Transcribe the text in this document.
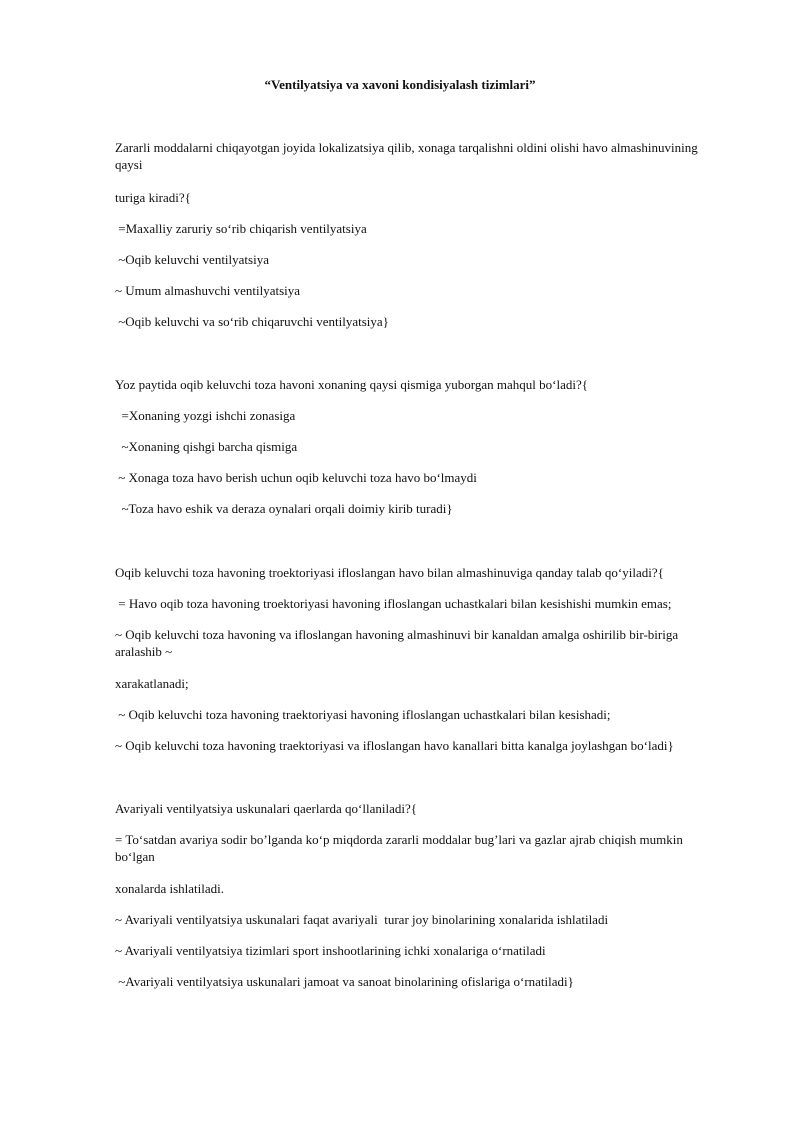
“Ventilyatsiya va xavoni kondisiyalash tizimlari”
Zararli moddalarni chiqayotgan joyida lokalizatsiya qilib, xonaga tarqalishni oldini olishi havo almashinuvining qaysi
turiga kiradi?{
=Maxalliy zaruriy so‘rib chiqarish ventilyatsiya
~Oqib keluvchi ventilyatsiya
~ Umum almashuvchi ventilyatsiya
~Oqib keluvchi va so‘rib chiqaruvchi ventilyatsiya}
Yoz paytida oqib keluvchi toza havoni xonaning qaysi qismiga yuborgan mahqul bo‘ladi?{
=Xonaning yozgi ishchi zonasiga
~Xonaning qishgi barcha qismiga
~ Xonaga toza havo berish uchun oqib keluvchi toza havo bo‘lmaydi
~Toza havo eshik va deraza oynalari orqali doimiy kirib turadi}
Oqib keluvchi toza havoning troektoriyasi ifloslangan havo bilan almashinuviga qanday talab qo‘yiladi?{
= Havo oqib toza havoning troektoriyasi havoning ifloslangan uchastkalari bilan kesishishi mumkin emas;
~ Oqib keluvchi toza havoning va ifloslangan havoning almashinuvi bir kanaldan amalga oshirilib bir-biriga aralashib ~
xarakatlanadi;
~ Oqib keluvchi toza havoning traektoriyasi havoning ifloslangan uchastkalari bilan kesishadi;
~ Oqib keluvchi toza havoning traektoriyasi va ifloslangan havo kanallari bitta kanalga joylashgan bo‘ladi}
Avariyali ventilyatsiya uskunalari qaerlarda qo‘llaniladi?{
= To‘satdan avariya sodir bo’lganda ko‘p miqdorda zararli moddalar bug’lari va gazlar ajrab chiqish mumkin bo‘lgan
xonalarda ishlatiladi.
~ Avariyali ventilyatsiya uskunalari faqat avariyali  turar joy binolarining xonalarida ishlatiladi
~ Avariyali ventilyatsiya tizimlari sport inshootlarining ichki xonalariga o‘rnatiladi
~Avariyali ventilyatsiya uskunalari jamoat va sanoat binolarining ofislariga o‘rnatiladi}
